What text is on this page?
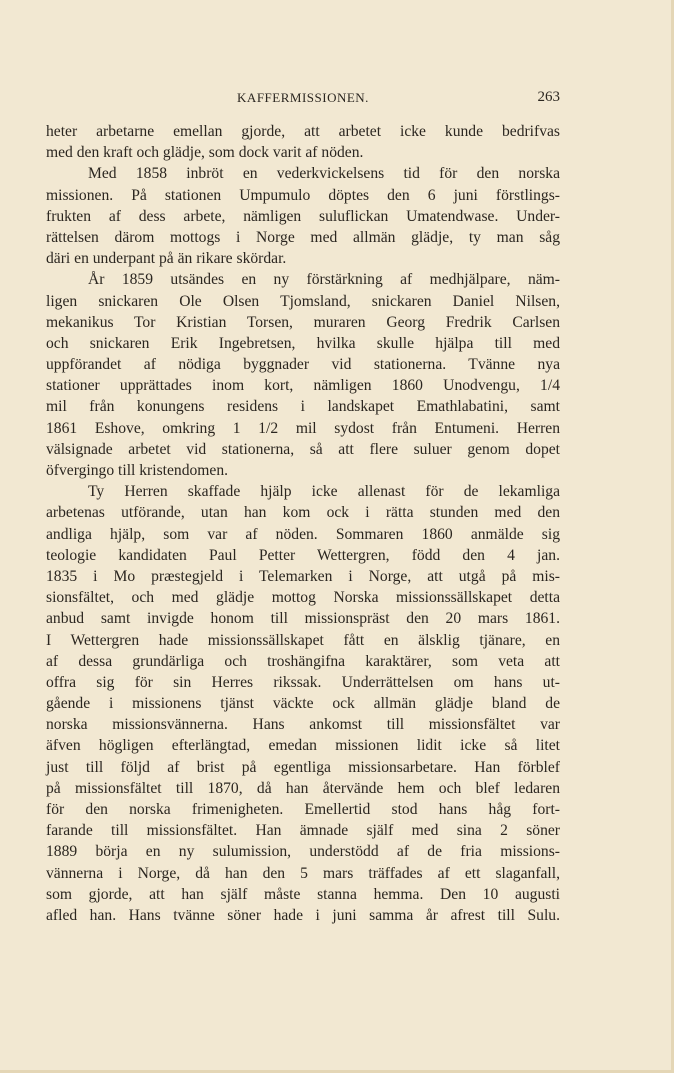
KAFFERMISSIONEN.	263
heter arbetarne emellan gjorde, att arbetet icke kunde bedrifvas
med den kraft och glädje, som dock varit af nöden.
Med 1858 inbröt en vederkvickelsens tid för den norska
missionen. På stationen Umpumulo döptes den 6 juni förstlings-
frukten af dess arbete, nämligen suluflickan Umatendwase. Under-
rättelsen därom mottogs i Norge med allmän glädje, ty man såg
däri en underpant på än rikare skördar.
År 1859 utsändes en ny förstärkning af medhjälpare, näm-
ligen snickaren Ole Olsen Tjomsland, snickaren Daniel Nilsen,
mekanikus Tor Kristian Torsen, muraren Georg Fredrik Carlsen
och snickaren Erik Ingebretsen, hvilka skulle hjälpa till med
uppförandet af nödiga byggnader vid stationerna. Tvänne nya
stationer upprättades inom kort, nämligen 1860 Unodvengu, 1/4
mil från konungens residens i landskapet Emathlabatini, samt
1861 Eshove, omkring 1 1/2 mil sydost från Entumeni. Herren
välsignade arbetet vid stationerna, så att flere suluer genom dopet
öfvergingo till kristendomen.
Ty Herren skaffade hjälp icke allenast för de lekamliga
arbetenas utförande, utan han kom ock i rätta stunden med den
andliga hjälp, som var af nöden. Sommaren 1860 anmälde sig
teologie kandidaten Paul Petter Wettergren, född den 4 jan.
1835 i Mo præstegjeld i Telemarken i Norge, att utgå på mis-
sionsfältet, och med glädje mottog Norska missionssällskapet detta
anbud samt invigde honom till missionspräst den 20 mars 1861.
I Wettergren hade missionssällskapet fått en älsklig tjänare, en
af dessa grundärliga och troshängifna karaktärer, som veta att
offra sig för sin Herres rikssak. Underrättelsen om hans ut-
gående i missionens tjänst väckte ock allmän glädje bland de
norska missionsvännerna. Hans ankomst till missionsfältet var
äfven högligen efterlängtad, emedan missionen lidit icke så litet
just till följd af brist på egentliga missionsarbetare. Han förblef
på missionsfältet till 1870, då han återvände hem och blef ledaren
för den norska frimenigheten. Emellertid stod hans håg fort-
farande till missionsfältet. Han ämnade själf med sina 2 söner
1889 börja en ny sulumission, understödd af de fria missions-
vännerna i Norge, då han den 5 mars träffades af ett slaganfall,
som gjorde, att han själf måste stanna hemma. Den 10 augusti
afled han. Hans tvänne söner hade i juni samma år afrest till Sulu.
